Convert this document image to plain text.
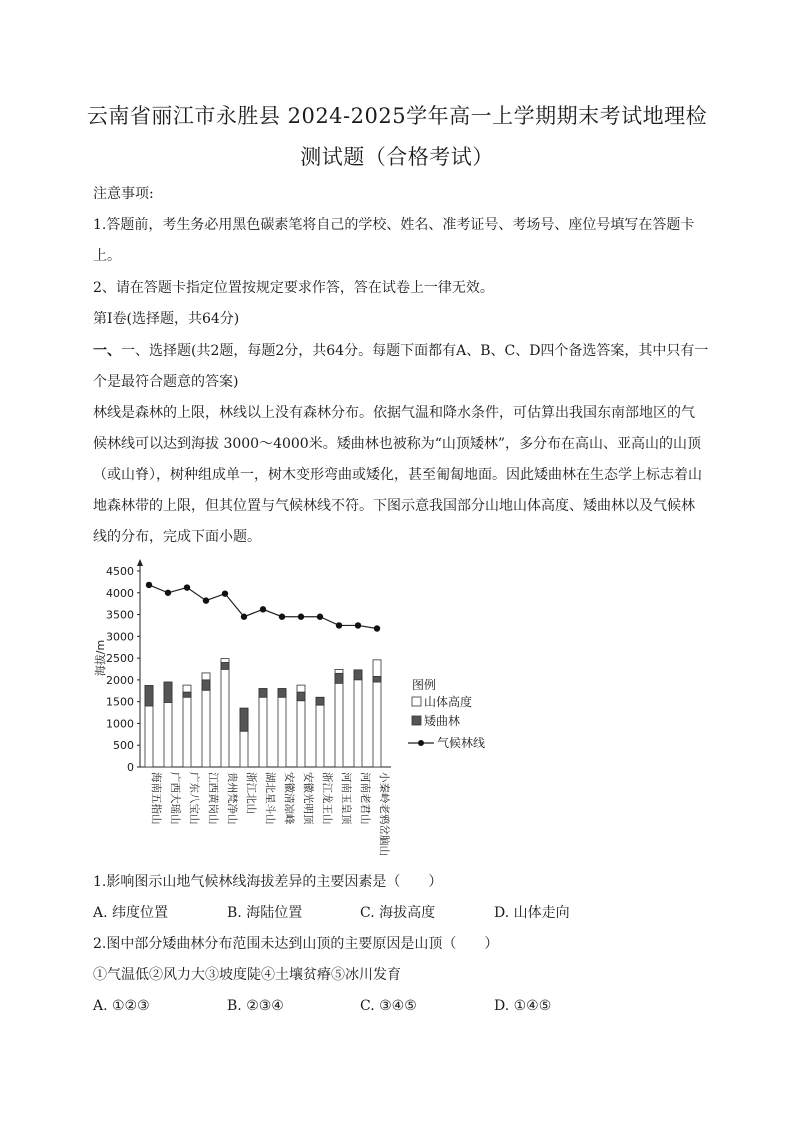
云南省丽江市永胜县 2024-2025学年高一上学期期末考试地理检
测试题（合格考试）
注意事项:
1.答题前，考生务必用黑色碳素笔将自己的学校、姓名、准考证号、考场号、座位号填写在答题卡
上。
2、请在答题卡指定位置按规定要求作答，答在试卷上一律无效。
第Ⅰ卷(选择题，共64分)
一、一、选择题(共2题，每题2分，共64分。每题下面都有A、B、C、D四个备选答案，其中只有一
个是最符合题意的答案)
林线是森林的上限，林线以上没有森林分布。依据气温和降水条件，可估算出我国东南部地区的气
候林线可以达到海拔 3000～4000米。矮曲林也被称为“山顶矮林”，多分布在高山、亚高山的山顶
（或山脊），树种组成单一，树木变形弯曲或矮化，甚至匍匐地面。因此矮曲林在生态学上标志着山
地森林带的上限，但其位置与气候林线不符。下图示意我国部分山地山体高度、矮曲林以及气候林
线的分布，完成下面小题。
0
500
1000
1500
2000
2500
3000
3500
4000
4500
海拔/m
海南五指山 广西大瑶山 广东八宝山 江西黄岗山 贵州梵净山 浙江北山 湖北星斗山 安徽清凉峰 安徽光明顶 浙江龙王山 河南玉皇顶 河南老君山 小秦岭老鸦岔脑山
图例
山体高度
矮曲林
气候林线
1.影响图示山地气候林线海拔差异的主要因素是（　　）
A. 纬度位置	B. 海陆位置	C. 海拔高度	D. 山体走向
2.图中部分矮曲林分布范围未达到山顶的主要原因是山顶（　　）
①气温低②风力大③坡度陡④土壤贫瘠⑤冰川发育
A. ①②③	B. ②③④	C. ③④⑤	D. ①④⑤
